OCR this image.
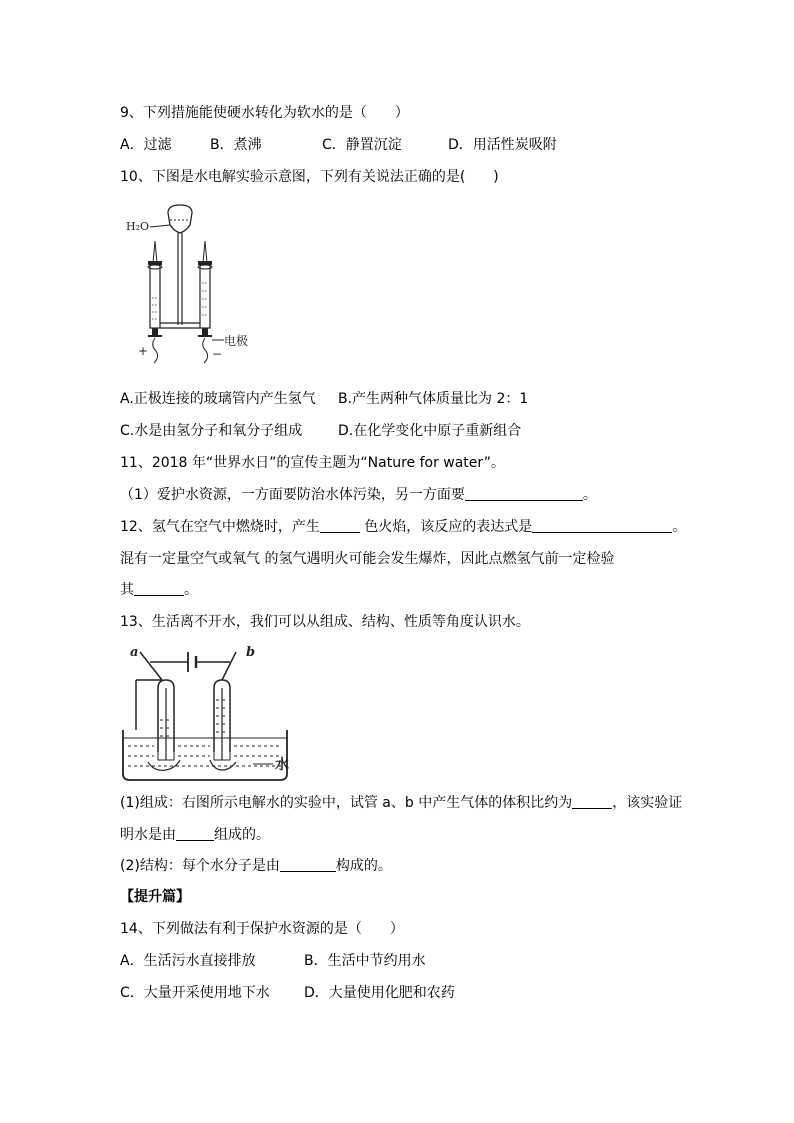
9、下列措施能使硬水转化为软水的是（　　）
A．过滤	B．煮沸	C．静置沉淀	D．用活性炭吸附
10、下图是水电解实验示意图，下列有关说法正确的是(　　)
H₂O
电极
+	−
A.正极连接的玻璃管内产生氢气 B.产生两种气体质量比为 2：1
C.水是由氢分子和氧分子组成	D.在化学变化中原子重新组合
11、2018 年“世界水日”的宣传主题为“Nature for water”。
（1）爱护水资源，一方面要防治水体污染，另一方面要	。
12、氢气在空气中燃烧时，产生	色火焰，该反应的表达式是	。
混有一定量空气或氧气 的氢气遇明火可能会发生爆炸，因此点燃氢气前一定检验
其	。
13、生活离不开水，我们可以从组成、结构、性质等角度认识水。
a	b
水
(1)组成：右图所示电解水的实验中，试管 a、b 中产生气体的体积比约为	，该实验证
明水是由	组成的。
(2)结构：每个水分子是由	构成的。
【提升篇】
14、下列做法有利于保护水资源的是（　　）
A．生活污水直接排放	B．生活中节约用水
C．大量开采使用地下水 D．大量使用化肥和农药
